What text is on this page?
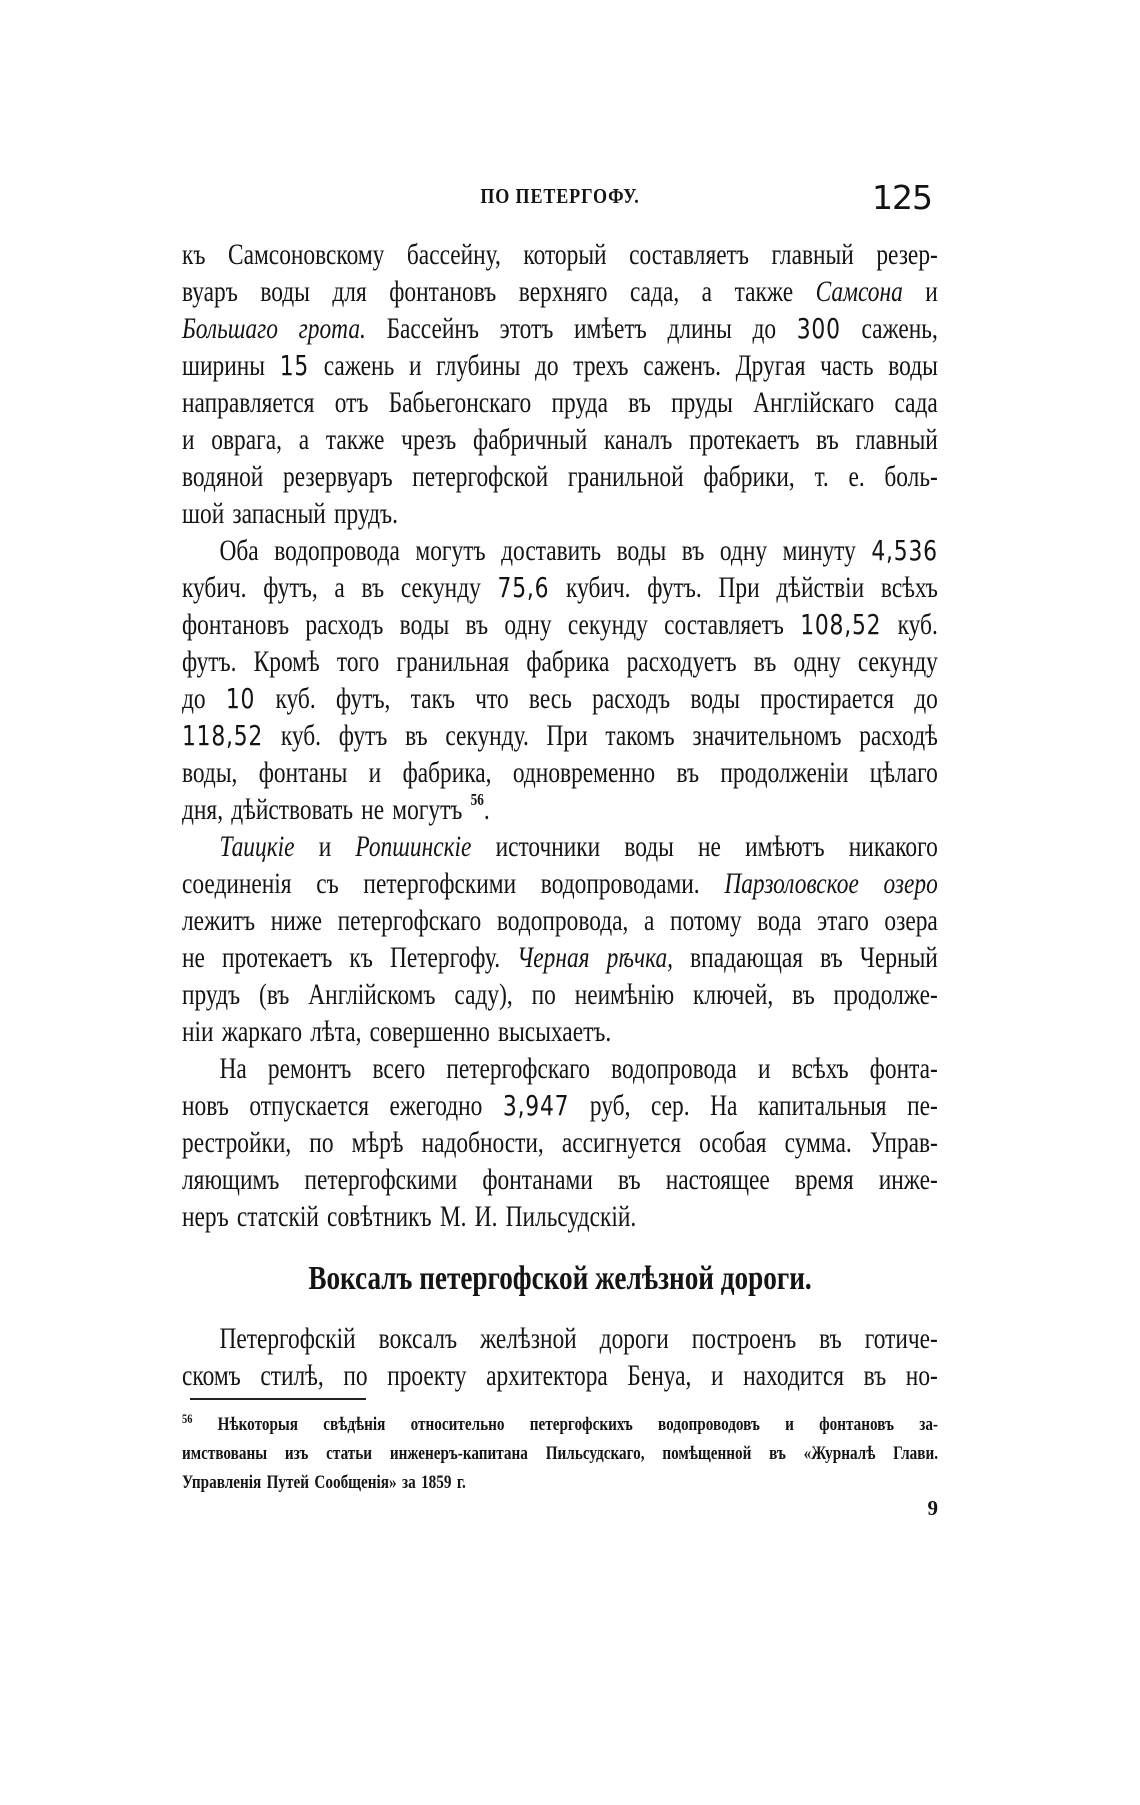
ПО ПЕТЕРГОФУ.	125

къ Самсоновскому бассейну, который составляетъ главный резер-

вуаръ воды для фонтановъ верхняго сада, а также Самсона и

Большаго грота. Бассейнъ этотъ имѣетъ длины до 300 сажень,

ширины 15 сажень и глубины до трехъ саженъ. Другая часть воды

направляется отъ Бабьегонскаго пруда въ пруды Англійскаго сада

и оврага, а также чрезъ фабричный каналъ протекаетъ въ главный

водяной резервуаръ петергофской гранильной фабрики, т. е. боль-

шой запасный прудъ.

Оба водопровода могутъ доставить воды въ одну минуту 4,536

кубич. футъ, а въ секунду 75,6 кубич. футъ. При дѣйствіи всѣхъ

фонтановъ расходъ воды въ одну секунду составляетъ 108,52 куб.

футъ. Кромѣ того гранильная фабрика расходуетъ въ одну секунду

до 10 куб. футъ, такъ что весь расходъ воды простирается до

118,52 куб. футъ въ секунду. При такомъ значительномъ расходѣ

воды, фонтаны и фабрика, одновременно въ продолженіи цѣлаго

дня, дѣйствовать не могутъ $^{56}$.

Таицкіе и Ропшинскіе источники воды не имѣютъ никакого

соединенія съ петергофскими водопроводами. Парзоловское озеро

лежитъ ниже петергофскаго водопровода, а потому вода этаго озера

не протекаетъ къ Петергофу. Черная рѣчка, впадающая въ Черный

прудъ (въ Англійскомъ саду), по неимѣнію ключей, въ продолже-

ніи жаркаго лѣта, совершенно высыхаетъ.

На ремонтъ всего петергофскаго водопровода и всѣхъ фонта-

новъ отпускается ежегодно 3,947 руб, сер. На капитальныя пе-

рестройки, по мѣрѣ надобности, ассигнуется особая сумма. Управ-

ляющимъ петергофскими фонтанами въ настоящее время инже-

неръ статскій совѣтникъ М. И. Пильсудскій.

Воксалъ петергофской желѣзной дороги.

Петергофскій воксалъ желѣзной дороги построенъ въ готиче-

скомъ стилѣ, по проекту архитектора Бенуа, и находится въ но-

$^{56}$ Нѣкоторыя свѣдѣнія относительно петергофскихъ водопроводовъ и фонтановъ за-

имствованы изъ статьи инженеръ-капитана Пильсудскаго, помѣщенной въ «Журналѣ Глави.

Управленія Путей Сообщенія» за 1859 г.

9
